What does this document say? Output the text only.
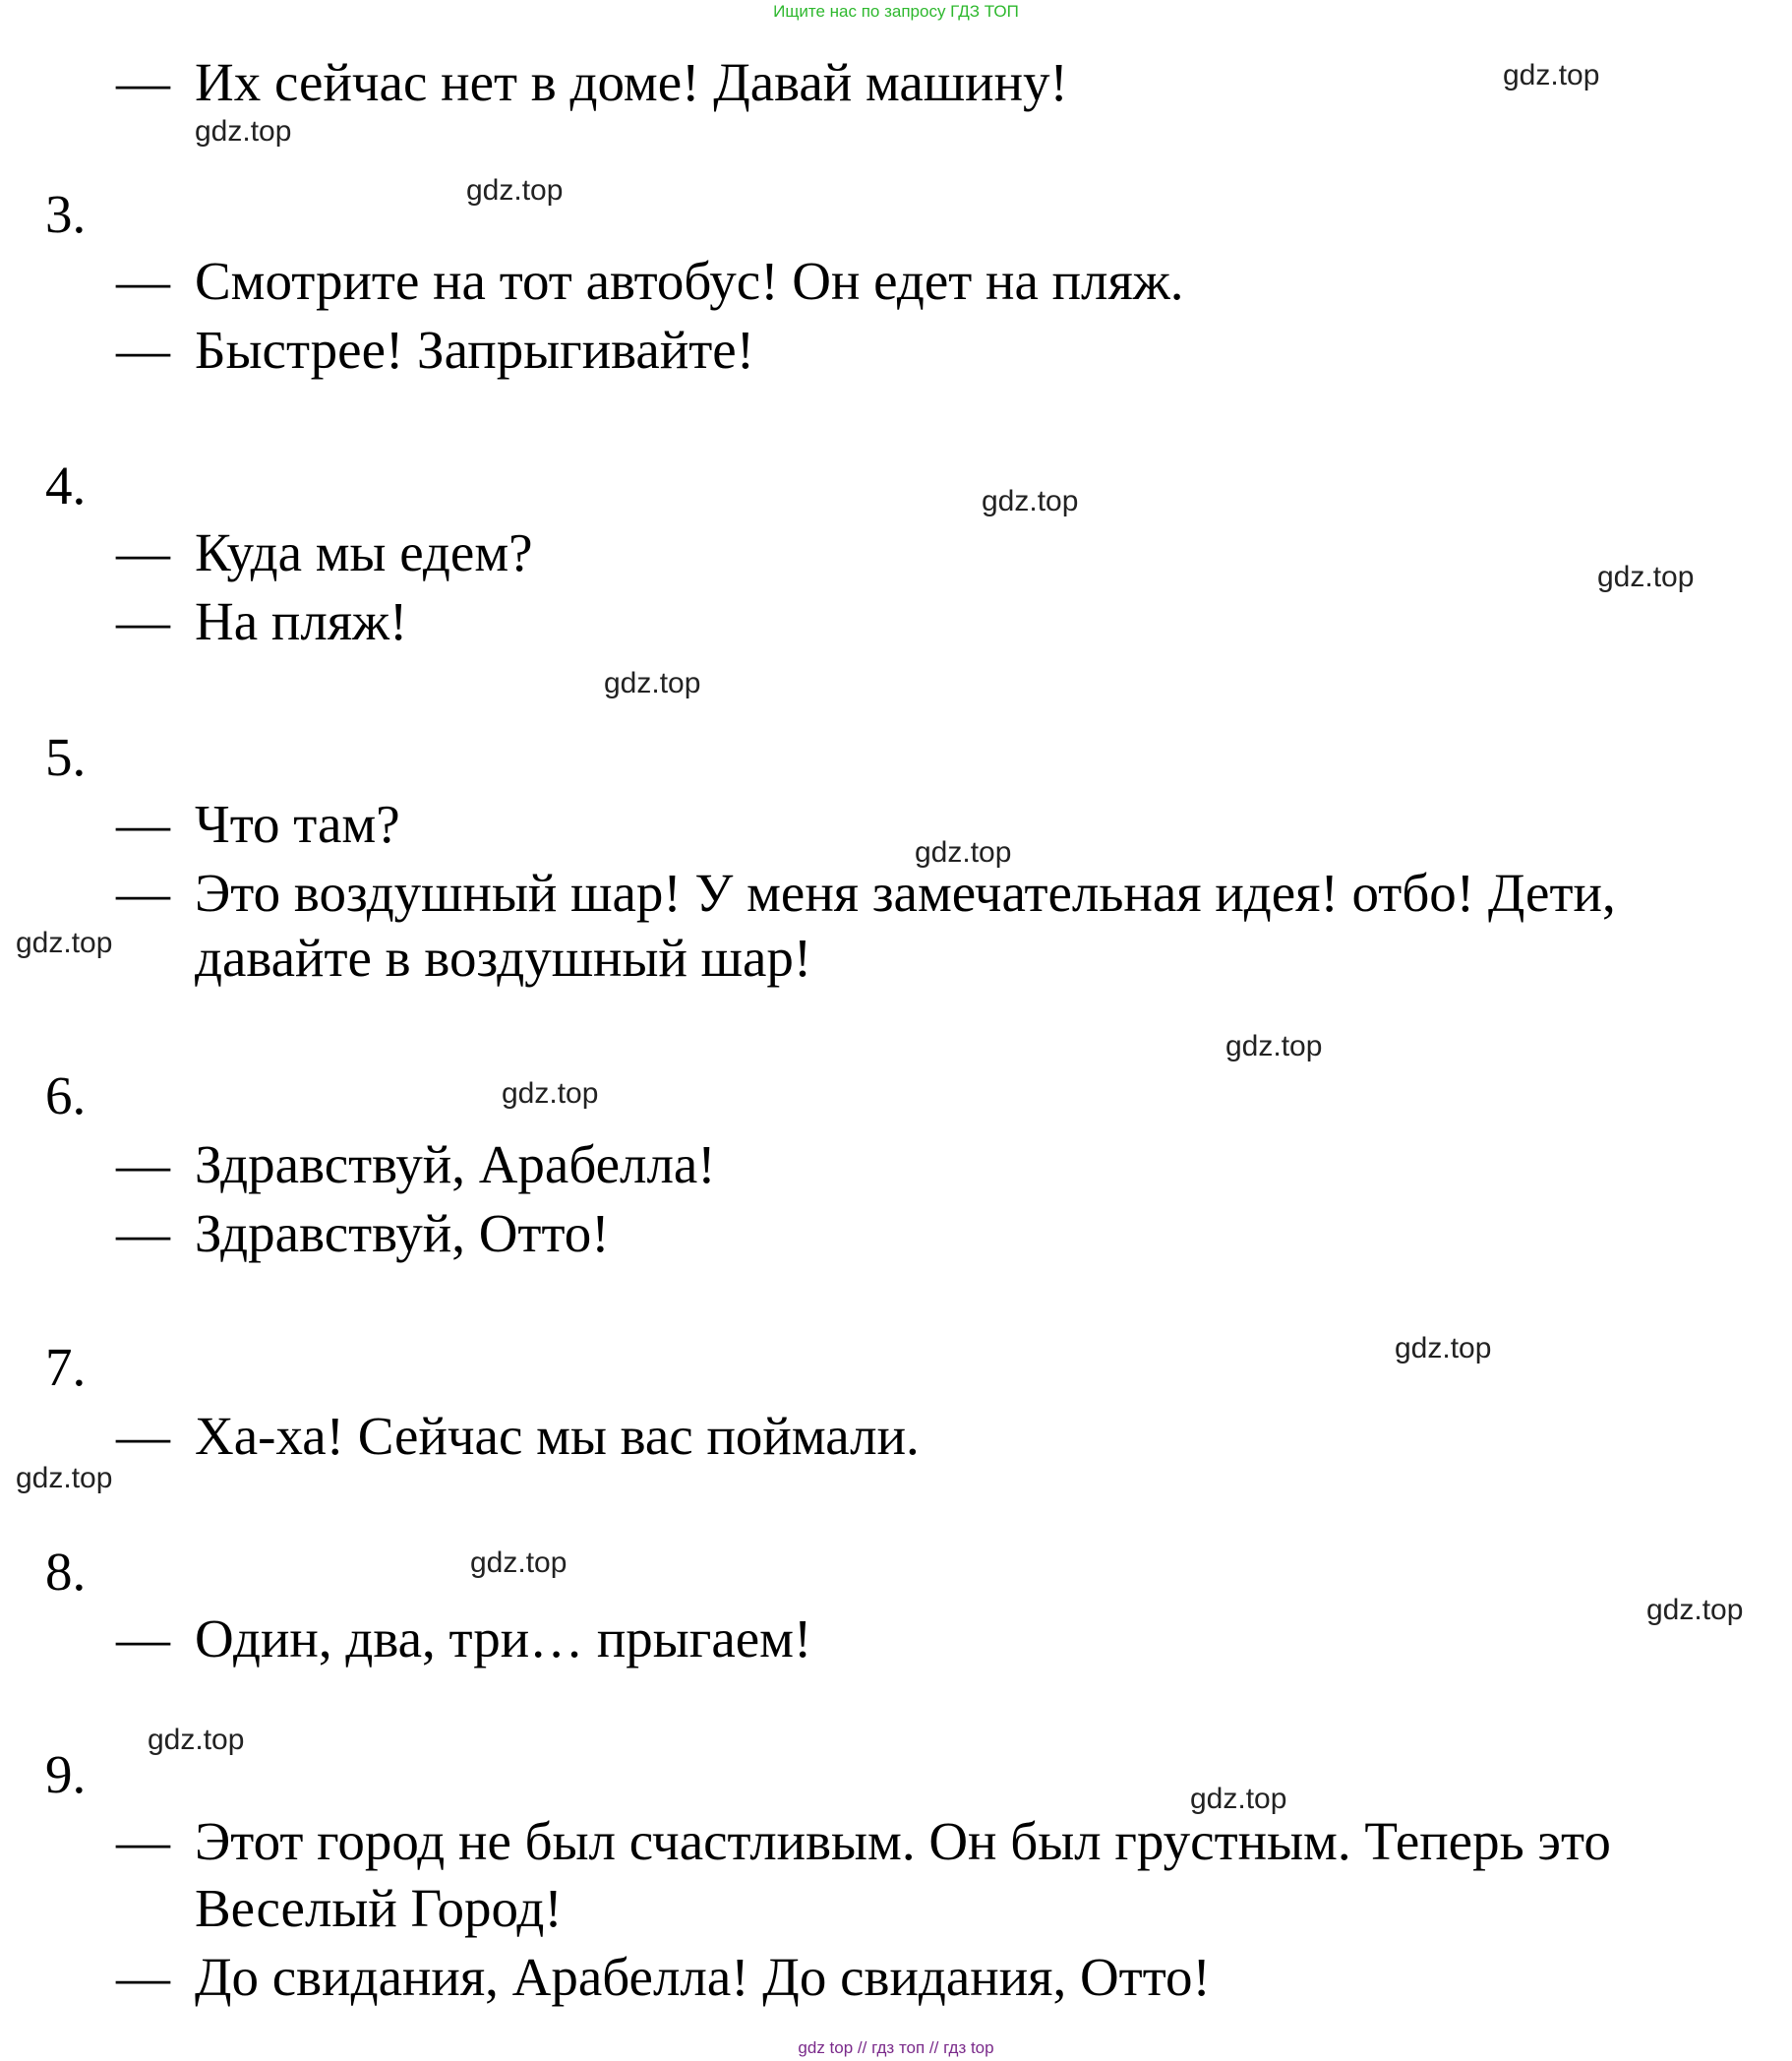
Ищите нас по запросу ГДЗ ТОП
— Их сейчас нет в доме! Давай машину!
3.
— Смотрите на тот автобус! Он едет на пляж.
— Быстрее! Запрыгивайте!
4.
— Куда мы едем?
— На пляж!
5.
— Что там?
— Это воздушный шар! У меня замечательная идея! отбо! Дети,
давайте в воздушный шар!
6.
— Здравствуй, Арабелла!
— Здравствуй, Отто!
7.
— Ха-ха! Сейчас мы вас поймали.
8.
— Один, два, три… прыгаем!
9.
— Этот город не был счастливым. Он был грустным. Теперь это
Веселый Город!
— До свидания, Арабелла! До свидания, Отто!
gdz.top
gdz.top
gdz.top
gdz.top
gdz.top
gdz.top
gdz.top
gdz.top
gdz.top
gdz.top
gdz.top
gdz.top
gdz.top
gdz.top
gdz.top
gdz.top
gdz top // гдз топ // гдз top
